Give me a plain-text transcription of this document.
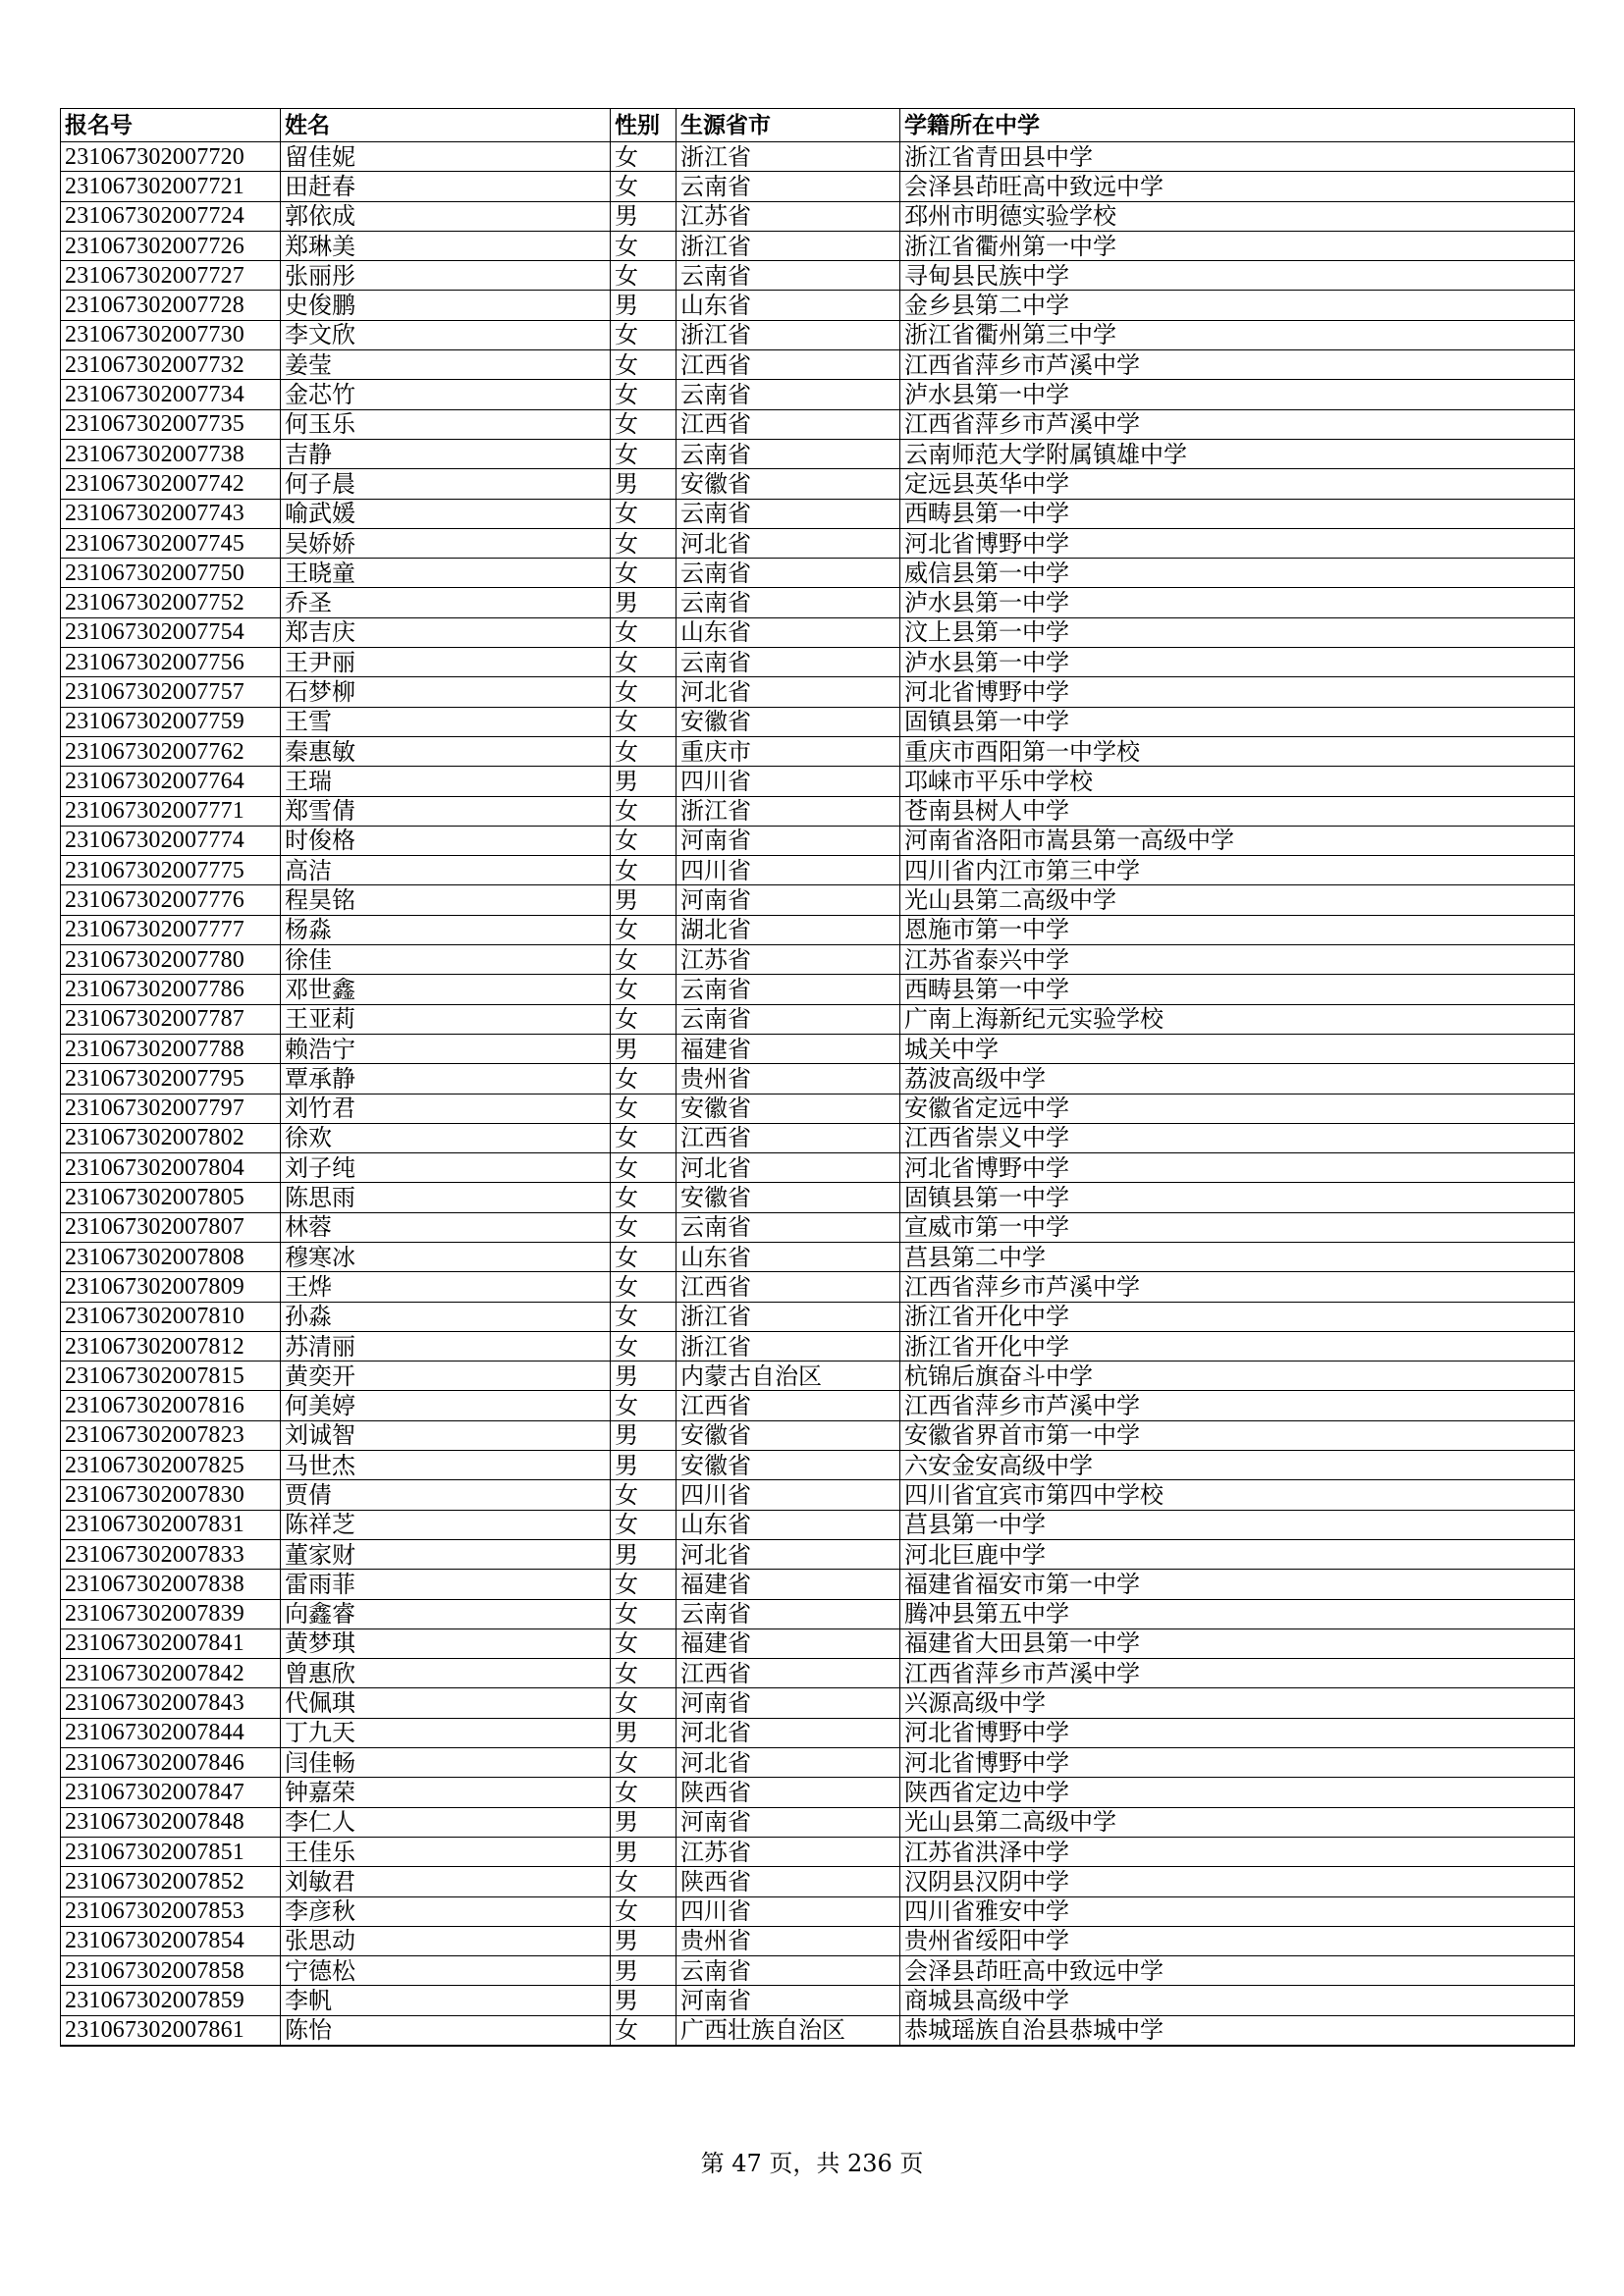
报名号	姓名	性别	生源省市	学籍所在中学
231067302007720	留佳妮	女	浙江省	浙江省青田县中学
231067302007721	田赶春	女	云南省	会泽县茚旺高中致远中学
231067302007724	郭依成	男	江苏省	邳州市明德实验学校
231067302007726	郑琳美	女	浙江省	浙江省衢州第一中学
231067302007727	张丽彤	女	云南省	寻甸县民族中学
231067302007728	史俊鹏	男	山东省	金乡县第二中学
231067302007730	李文欣	女	浙江省	浙江省衢州第三中学
231067302007732	姜莹	女	江西省	江西省萍乡市芦溪中学
231067302007734	金芯竹	女	云南省	泸水县第一中学
231067302007735	何玉乐	女	江西省	江西省萍乡市芦溪中学
231067302007738	吉静	女	云南省	云南师范大学附属镇雄中学
231067302007742	何子晨	男	安徽省	定远县英华中学
231067302007743	喻武媛	女	云南省	西畴县第一中学
231067302007745	吴娇娇	女	河北省	河北省博野中学
231067302007750	王晓童	女	云南省	威信县第一中学
231067302007752	乔圣	男	云南省	泸水县第一中学
231067302007754	郑吉庆	女	山东省	汶上县第一中学
231067302007756	王尹丽	女	云南省	泸水县第一中学
231067302007757	石梦柳	女	河北省	河北省博野中学
231067302007759	王雪	女	安徽省	固镇县第一中学
231067302007762	秦惠敏	女	重庆市	重庆市酉阳第一中学校
231067302007764	王瑞	男	四川省	邛崃市平乐中学校
231067302007771	郑雪倩	女	浙江省	苍南县树人中学
231067302007774	时俊格	女	河南省	河南省洛阳市嵩县第一高级中学
231067302007775	高洁	女	四川省	四川省内江市第三中学
231067302007776	程昊铭	男	河南省	光山县第二高级中学
231067302007777	杨淼	女	湖北省	恩施市第一中学
231067302007780	徐佳	女	江苏省	江苏省泰兴中学
231067302007786	邓世鑫	女	云南省	西畴县第一中学
231067302007787	王亚莉	女	云南省	广南上海新纪元实验学校
231067302007788	赖浩宁	男	福建省	城关中学
231067302007795	覃承静	女	贵州省	荔波高级中学
231067302007797	刘竹君	女	安徽省	安徽省定远中学
231067302007802	徐欢	女	江西省	江西省崇义中学
231067302007804	刘子纯	女	河北省	河北省博野中学
231067302007805	陈思雨	女	安徽省	固镇县第一中学
231067302007807	林蓉	女	云南省	宣威市第一中学
231067302007808	穆寒冰	女	山东省	莒县第二中学
231067302007809	王烨	女	江西省	江西省萍乡市芦溪中学
231067302007810	孙淼	女	浙江省	浙江省开化中学
231067302007812	苏清丽	女	浙江省	浙江省开化中学
231067302007815	黄奕开	男	内蒙古自治区	杭锦后旗奋斗中学
231067302007816	何美婷	女	江西省	江西省萍乡市芦溪中学
231067302007823	刘诚智	男	安徽省	安徽省界首市第一中学
231067302007825	马世杰	男	安徽省	六安金安高级中学
231067302007830	贾倩	女	四川省	四川省宜宾市第四中学校
231067302007831	陈祥芝	女	山东省	莒县第一中学
231067302007833	董家财	男	河北省	河北巨鹿中学
231067302007838	雷雨菲	女	福建省	福建省福安市第一中学
231067302007839	向鑫睿	女	云南省	腾冲县第五中学
231067302007841	黄梦琪	女	福建省	福建省大田县第一中学
231067302007842	曾惠欣	女	江西省	江西省萍乡市芦溪中学
231067302007843	代佩琪	女	河南省	兴源高级中学
231067302007844	丁九天	男	河北省	河北省博野中学
231067302007846	闫佳畅	女	河北省	河北省博野中学
231067302007847	钟嘉荣	女	陕西省	陕西省定边中学
231067302007848	李仁人	男	河南省	光山县第二高级中学
231067302007851	王佳乐	男	江苏省	江苏省洪泽中学
231067302007852	刘敏君	女	陕西省	汉阴县汉阴中学
231067302007853	李彦秋	女	四川省	四川省雅安中学
231067302007854	张思动	男	贵州省	贵州省绥阳中学
231067302007858	宁德松	男	云南省	会泽县茚旺高中致远中学
231067302007859	李帆	男	河南省	商城县高级中学
231067302007861	陈怡	女	广西壮族自治区	恭城瑶族自治县恭城中学
第 47 页，共 236 页
